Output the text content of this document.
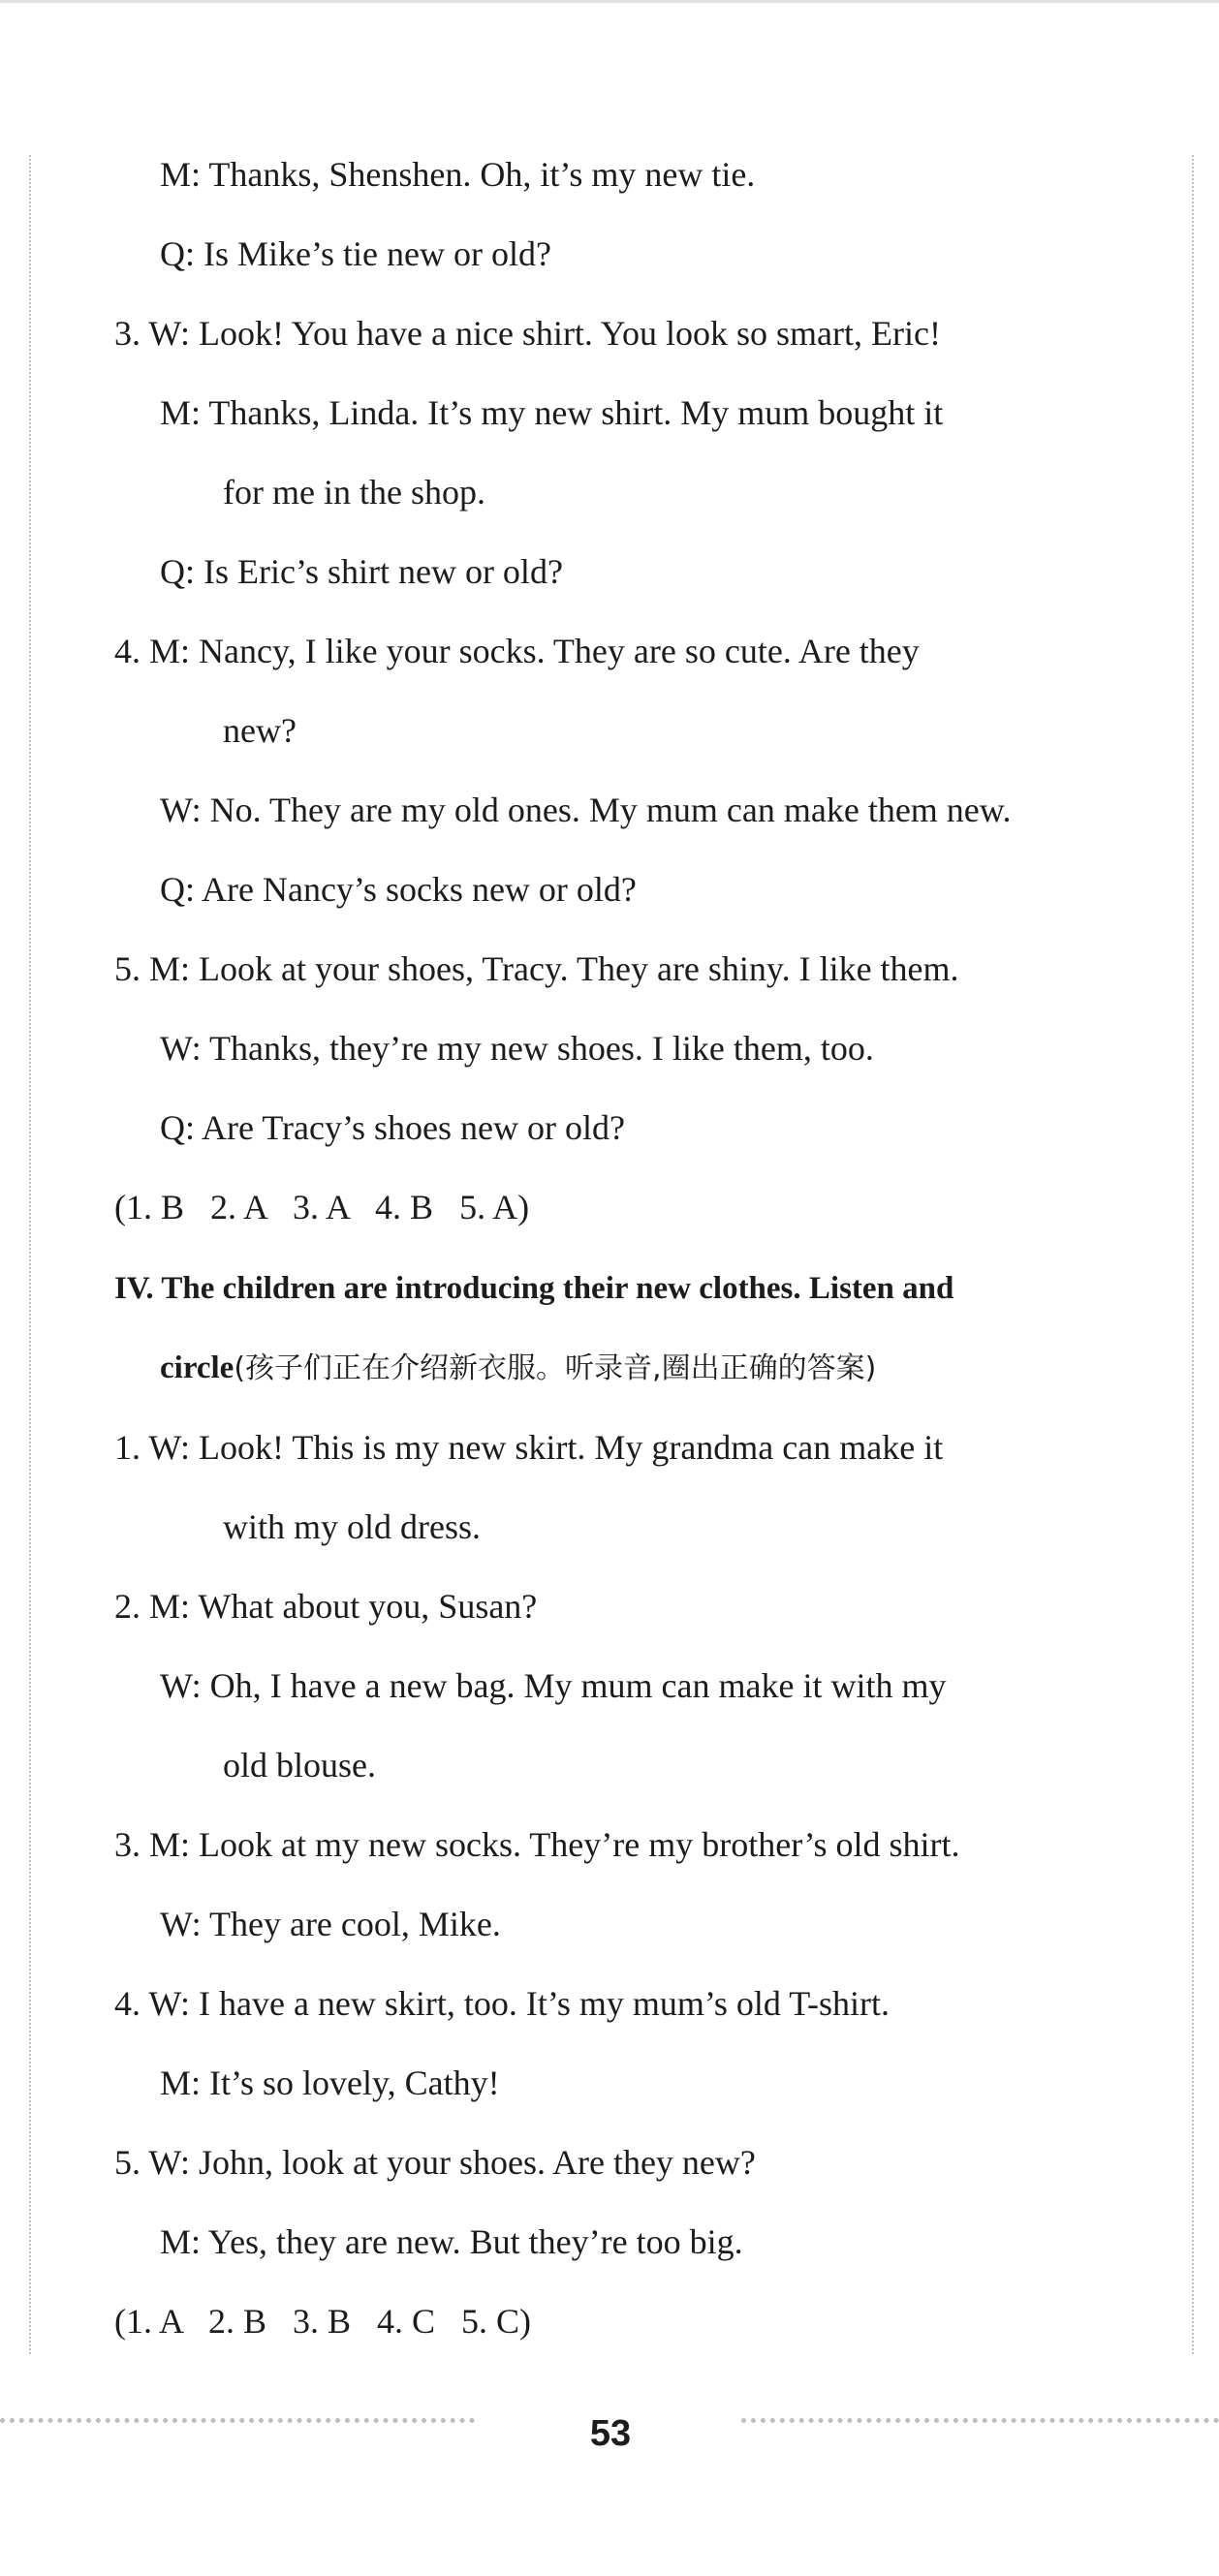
M: Thanks, Shenshen. Oh, it’s my new tie.
Q: Is Mike’s tie new or old?
3. W: Look! You have a nice shirt. You look so smart, Eric!
M: Thanks, Linda. It’s my new shirt. My mum bought it
for me in the shop.
Q: Is Eric’s shirt new or old?
4. M: Nancy, I like your socks. They are so cute. Are they
new?
W: No. They are my old ones. My mum can make them new.
Q: Are Nancy’s socks new or old?
5. M: Look at your shoes, Tracy. They are shiny. I like them.
W: Thanks, they’re my new shoes. I like them, too.
Q: Are Tracy’s shoes new or old?
(1. B   2. A   3. A   4. B   5. A)
IV. The children are introducing their new clothes. Listen and
circle(孩子们正在介绍新衣服。听录音,圈出正确的答案)
1. W: Look! This is my new skirt. My grandma can make it
with my old dress.
2. M: What about you, Susan?
W: Oh, I have a new bag. My mum can make it with my
old blouse.
3. M: Look at my new socks. They’re my brother’s old shirt.
W: They are cool, Mike.
4. W: I have a new skirt, too. It’s my mum’s old T-shirt.
M: It’s so lovely, Cathy!
5. W: John, look at your shoes. Are they new?
M: Yes, they are new. But they’re too big.
(1. A   2. B   3. B   4. C   5. C)
53
